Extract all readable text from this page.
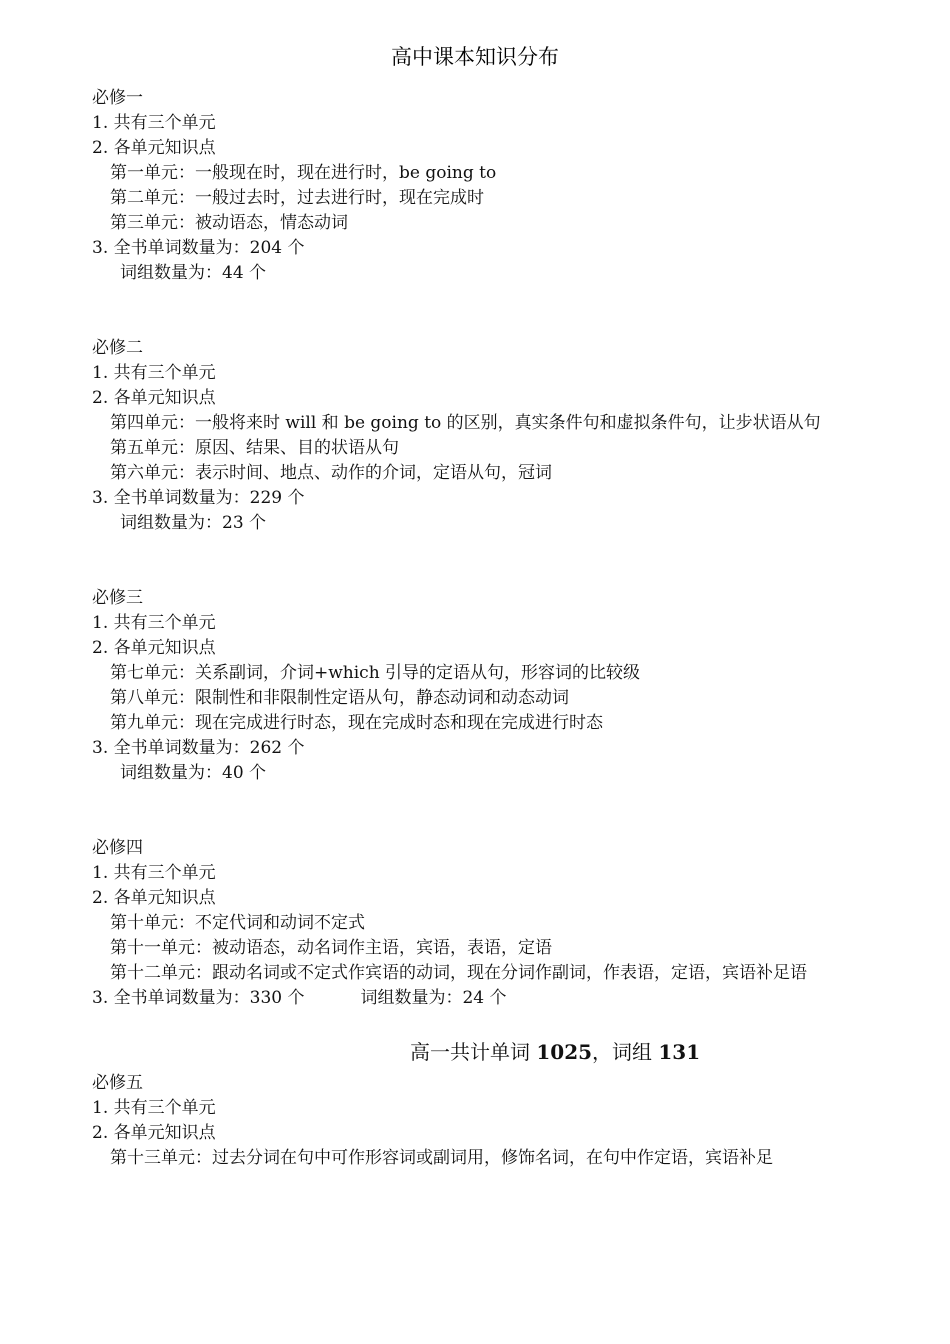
高中课本知识分布
必修一
1. 共有三个单元
2. 各单元知识点
第一单元：一般现在时，现在进行时，be going to
第二单元：一般过去时，过去进行时，现在完成时
第三单元：被动语态，情态动词
3. 全书单词数量为：204 个
词组数量为：44 个
必修二
1. 共有三个单元
2. 各单元知识点
第四单元：一般将来时 will 和 be going to 的区别，真实条件句和虚拟条件句，让步状语从句
第五单元：原因、结果、目的状语从句
第六单元：表示时间、地点、动作的介词，定语从句，冠词
3. 全书单词数量为：229 个
词组数量为：23 个
必修三
1. 共有三个单元
2. 各单元知识点
第七单元：关系副词，介词+which 引导的定语从句，形容词的比较级
第八单元：限制性和非限制性定语从句，静态动词和动态动词
第九单元：现在完成进行时态，现在完成时态和现在完成进行时态
3. 全书单词数量为：262 个
词组数量为：40 个
必修四
1. 共有三个单元
2. 各单元知识点
第十单元：不定代词和动词不定式
第十一单元：被动语态，动名词作主语，宾语，表语，定语
第十二单元：跟动名词或不定式作宾语的动词，现在分词作副词，作表语，定语，宾语补足语
3. 全书单词数量为：330 个	词组数量为：24 个
高一共计单词 1025，词组 131
必修五
1. 共有三个单元
2. 各单元知识点
第十三单元：过去分词在句中可作形容词或副词用，修饰名词，在句中作定语，宾语补足
